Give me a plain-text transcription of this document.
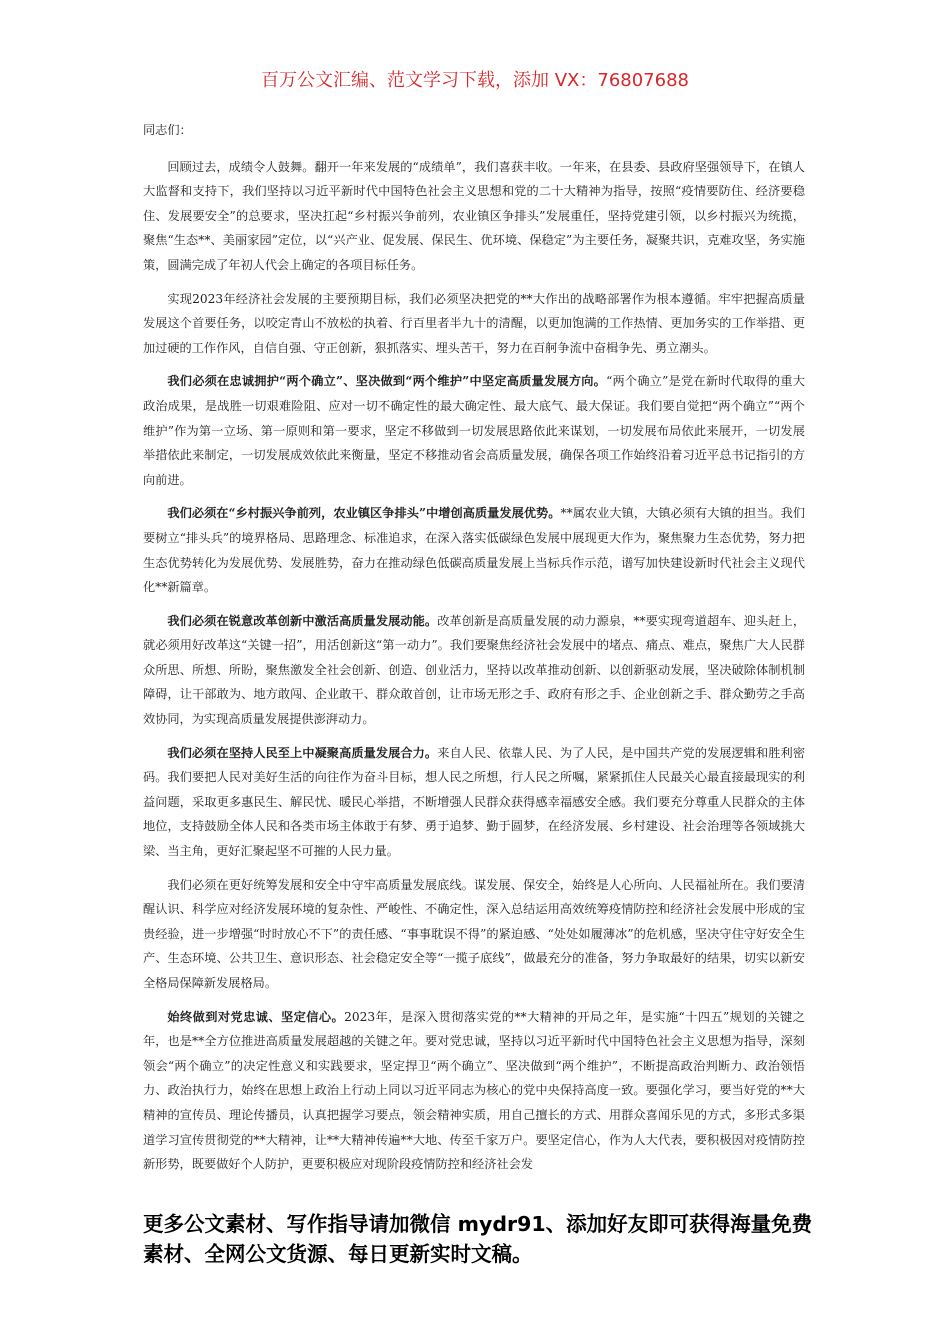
百万公文汇编、范文学习下载，添加 VX：76807688

同志们：

回顾过去，成绩令人鼓舞。翻开一年来发展的“成绩单”，我们喜获丰收。一年来，在县委、县政府坚强领导下，在镇人大监督和支持下，我们坚持以习近平新时代中国特色社会主义思想和党的二十大精神为指导，按照“疫情要防住、经济要稳住、发展要安全”的总要求，坚决扛起“乡村振兴争前列，农业镇区争排头”发展重任，坚持党建引领，以乡村振兴为统揽，聚焦“生态**、美丽家园”定位，以“兴产业、促发展、保民生、优环境、保稳定”为主要任务，凝聚共识，克难攻坚，务实施策，圆满完成了年初人代会上确定的各项目标任务。

实现2023年经济社会发展的主要预期目标，我们必须坚决把党的**大作出的战略部署作为根本遵循。牢牢把握高质量发展这个首要任务，以咬定青山不放松的执着、行百里者半九十的清醒，以更加饱满的工作热情、更加务实的工作举措、更加过硬的工作作风，自信自强、守正创新，狠抓落实、埋头苦干，努力在百舸争流中奋楫争先、勇立潮头。

我们必须在忠诚拥护“两个确立”、坚决做到“两个维护”中坚定高质量发展方向。“两个确立”是党在新时代取得的重大政治成果，是战胜一切艰难险阻、应对一切不确定性的最大确定性、最大底气、最大保证。我们要自觉把“两个确立”“两个维护”作为第一立场、第一原则和第一要求，坚定不移做到一切发展思路依此来谋划，一切发展布局依此来展开，一切发展举措依此来制定，一切发展成效依此来衡量，坚定不移推动省会高质量发展，确保各项工作始终沿着习近平总书记指引的方向前进。

我们必须在“乡村振兴争前列，农业镇区争排头”中增创高质量发展优势。**属农业大镇，大镇必须有大镇的担当。我们要树立“排头兵”的境界格局、思路理念、标准追求，在深入落实低碳绿色发展中展现更大作为，聚焦聚力生态优势，努力把生态优势转化为发展优势、发展胜势，奋力在推动绿色低碳高质量发展上当标兵作示范，谱写加快建设新时代社会主义现代化**新篇章。

我们必须在锐意改革创新中激活高质量发展动能。改革创新是高质量发展的动力源泉，**要实现弯道超车、迎头赶上，就必须用好改革这“关键一招”，用活创新这“第一动力”。我们要聚焦经济社会发展中的堵点、痛点、难点，聚焦广大人民群众所思、所想、所盼，聚焦激发全社会创新、创造、创业活力，坚持以改革推动创新、以创新驱动发展，坚决破除体制机制障碍，让干部敢为、地方敢闯、企业敢干、群众敢首创，让市场无形之手、政府有形之手、企业创新之手、群众勤劳之手高效协同，为实现高质量发展提供澎湃动力。

我们必须在坚持人民至上中凝聚高质量发展合力。来自人民、依靠人民、为了人民，是中国共产党的发展逻辑和胜利密码。我们要把人民对美好生活的向往作为奋斗目标，想人民之所想，行人民之所嘱，紧紧抓住人民最关心最直接最现实的利益问题，采取更多惠民生、解民忧、暖民心举措，不断增强人民群众获得感幸福感安全感。我们要充分尊重人民群众的主体地位，支持鼓励全体人民和各类市场主体敢于有梦、勇于追梦、勤于圆梦，在经济发展、乡村建设、社会治理等各领域挑大梁、当主角，更好汇聚起坚不可摧的人民力量。

我们必须在更好统筹发展和安全中守牢高质量发展底线。谋发展、保安全，始终是人心所向、人民福祉所在。我们要清醒认识、科学应对经济发展环境的复杂性、严峻性、不确定性，深入总结运用高效统筹疫情防控和经济社会发展中形成的宝贵经验，进一步增强“时时放心不下”的责任感、“事事耽误不得”的紧迫感、“处处如履薄冰”的危机感，坚决守住守好安全生产、生态环境、公共卫生、意识形态、社会稳定安全等“一揽子底线”，做最充分的准备，努力争取最好的结果，切实以新安全格局保障新发展格局。

始终做到对党忠诚、坚定信心。2023年，是深入贯彻落实党的**大精神的开局之年，是实施“十四五”规划的关键之年，也是**全方位推进高质量发展超越的关键之年。要对党忠诚，坚持以习近平新时代中国特色社会主义思想为指导，深刻领会“两个确立”的决定性意义和实践要求，坚定捍卫“两个确立”、坚决做到“两个维护”，不断提高政治判断力、政治领悟力、政治执行力，始终在思想上政治上行动上同以习近平同志为核心的党中央保持高度一致。要强化学习，要当好党的**大精神的宣传员、理论传播员，认真把握学习要点，领会精神实质，用自己擅长的方式、用群众喜闻乐见的方式，多形式多渠道学习宣传贯彻党的**大精神，让**大精神传遍**大地、传至千家万户。要坚定信心，作为人大代表，要积极因对疫情防控新形势，既要做好个人防护，更要积极应对现阶段疫情防控和经济社会发

更多公文素材、写作指导请加微信 mydr91、添加好友即可获得海量免费素材、全网公文货源、每日更新实时文稿。
